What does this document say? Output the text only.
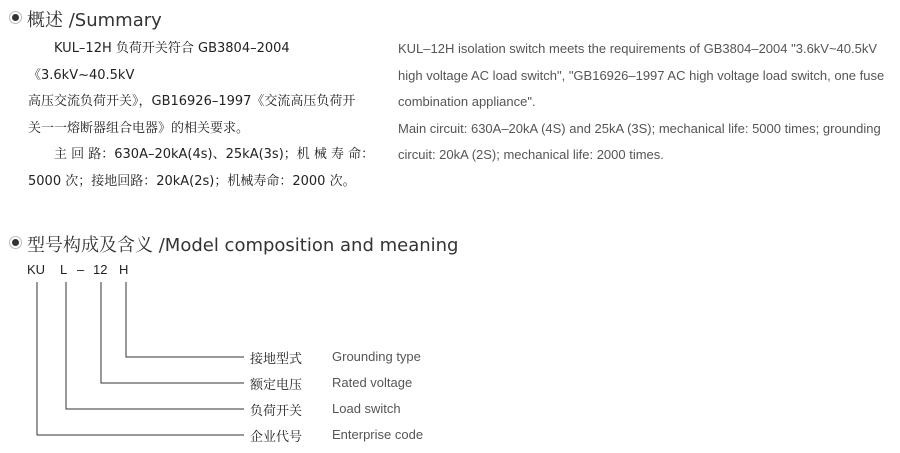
概述 /Summary

KUL–12H 负荷开关符合 GB3804–2004《3.6kV~40.5kV

高压交流负荷开关》，GB16926–1997《交流高压负荷开

关一一熔断器组合电器》的相关要求。

主 回 路：630A–20kA(4s)、25kA(3s)；机 械 寿 命：

5000 次；接地回路：20kA(2s)；机械寿命：2000 次。

KUL–12H isolation switch meets the requirements of GB3804–2004 "3.6kV~40.5kV

high voltage AC load switch", "GB16926–1997 AC high voltage load switch, one fuse

combination appliance".

Main circuit: 630A–20kA (4S) and 25kA (3S); mechanical life: 5000 times; grounding

circuit: 20kA (2S); mechanical life: 2000 times.

型号构成及含义 /Model composition and meaning
KU L – 12 H
接地型式 Grounding type
额定电压 Rated voltage
负荷开关 Load switch
企业代号 Enterprise code
